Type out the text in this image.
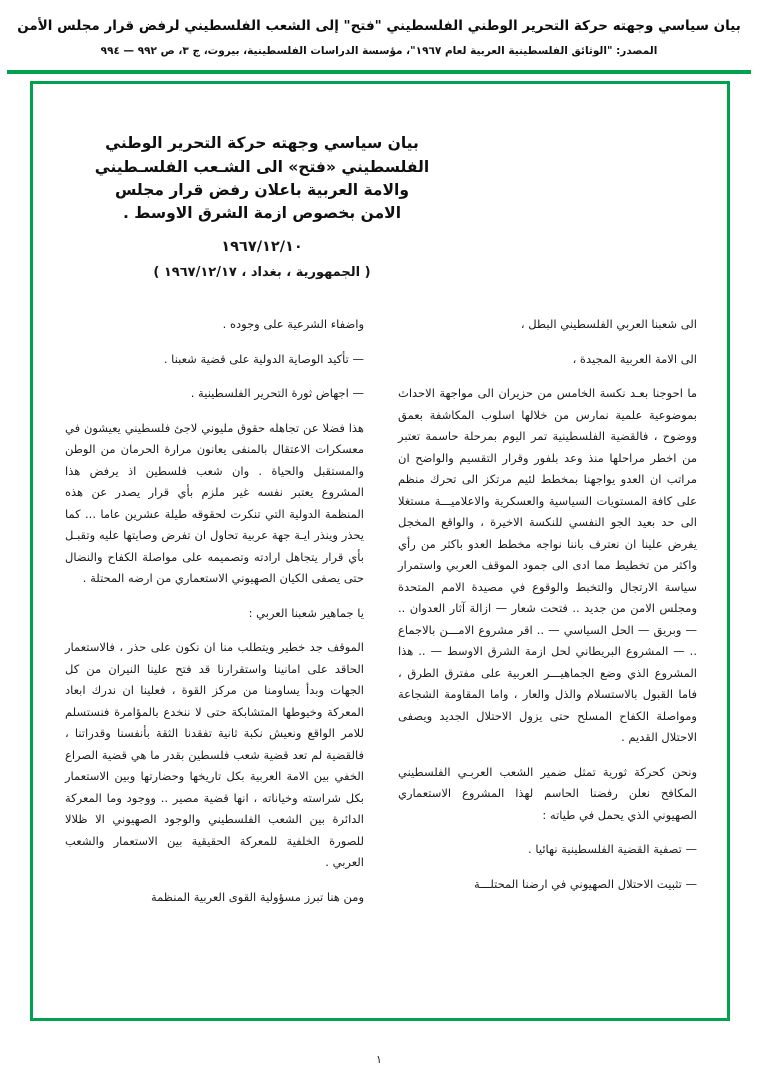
بيان سياسي وجهته حركة التحرير الوطني الفلسطيني "فتح" إلى الشعب الفلسطيني لرفض قرار مجلس الأمن
المصدر: "الوثائق الفلسطينية العربية لعام ١٩٦٧"، مؤسسة الدراسات الفلسطينية، بيروت، ج ٣، ص ٩٩٢ — ٩٩٤

بيان سياسي وجهته حركة التحرير الوطني

الفلسطيني «فتح» الى الشـعب الفلسـطيني

والامة العربية باعلان رفض قرار مجلس

الامن بخصوص ازمة الشرق الاوسط .

١٩٦٧/١٢/١٠
( الجمهورية ، بغداد ، ١٩٦٧/١٢/١٧ )

الى شعبنا العربي الفلسطيني البطل ،

الى الامة العربية المجيدة ،

ما احوجنا بعـد نكسة الخامس من حزيران الى مواجهة الاحداث بموضوعية علمية نمارس من خلالها اسلوب المكاشفة بعمق ووضوح ، فالقضية الفلسطينية تمر اليوم بمرحلة حاسمة تعتبر من اخطر مراحلها منذ وعد بلفور وقرار التقسيم والواضح ان مراتب ان العدو يواجهنا بمخطط لئيم مرتكز الى تحرك منظم على كافة المستويات السياسية والعسكرية والاعلاميـــة مستغلا الى حد بعيد الجو النفسي للنكسة الاخيرة ، والواقع المخجل يفرض علينا ان نعترف باننا نواجه مخطط العدو باكثر من رأي واكثر من تخطيط مما ادى الى جمود الموقف العربي واستمرار سياسة الارتجال والتخبط والوقوع في مصيدة الامم المتحدة ومجلس الامن من جديد .. فتحت شعار — ازالة آثار العدوان .. — وبريق — الحل السياسي — .. اقر مشروع الامـــن بالاجماع .. — المشروع البريطاني لحل ازمة الشرق الاوسط — .. هذا المشروع الذي وضع الجماهيـــر العربية على مفترق الطرق ، فاما القبول بالاستسلام والذل والعار ، واما المقاومة الشجاعة ومواصلة الكفاح المسلح حتى يزول الاحتلال الجديد ويصفى الاحتلال القديم .

ونحن كحركة ثورية تمثل ضمير الشعب العربـي الفلسطيني المكافح نعلن رفضنا الحاسم لهذا المشروع الاستعماري الصهيوني الذي يحمل في طياته :

— تصفية القضية الفلسطينية نهائيا .

— تثبيت الاحتلال الصهيوني في ارضنا المحتلـــة

واضفاء الشرعية على وجوده .

— تأكيد الوصاية الدولية على قضية شعبنا .

— اجهاض ثورة التحرير الفلسطينية .

هذا فضلا عن تجاهله حقوق مليوني لاجئ فلسطيني يعيشون في معسكرات الاعتقال بالمنفى يعانون مرارة الحرمان من الوطن والمستقبل والحياة . وان شعب فلسطين اذ يرفض هذا المشروع يعتبر نفسه غير ملزم بأي قرار يصدر عن هذه المنظمة الدولية التي تنكرت لحقوقه طيلة عشرين عاما ... كما يحذر وينذر ايـة جهة عربية تحاول ان تفرض وصايتها عليه وتقبـل بأي قرار يتجاهل ارادته وتصميمه على مواصلة الكفاح والنضال حتى يصفى الكيان الصهيوني الاستعماري من ارضه المحتلة .

يا جماهير شعبنا العربي :

الموقف جد خطير ويتطلب منا ان نكون على حذر ، فالاستعمار الحاقد على امانينا واستقرارنا قد فتح علينا النيران من كل الجهات وبدأ يساومنا من مركز القوة ، فعلينا ان ندرك ابعاد المعركة وخيوطها المتشابكة حتى لا ننخدع بالمؤامرة فنستسلم للامر الواقع ونعيش نكبة ثانية تفقدنا الثقة بأنفسنا وقدراتنا ، فالقضية لم تعد قضية شعب فلسطين بقدر ما هي قضية الصراع الخفي بين الامة العربية بكل تاريخها وحضارتها وبين الاستعمار بكل شراسته وخياناته ، انها قضية مصير .. ووجود وما المعركة الدائرة بين الشعب الفلسطيني والوجود الصهيوني الا ظلالا للصورة الخلفية للمعركة الحقيقية بين الاستعمار والشعب العربي .

ومن هنا تبرز مسؤولية القوى العربية المنظمة

١
